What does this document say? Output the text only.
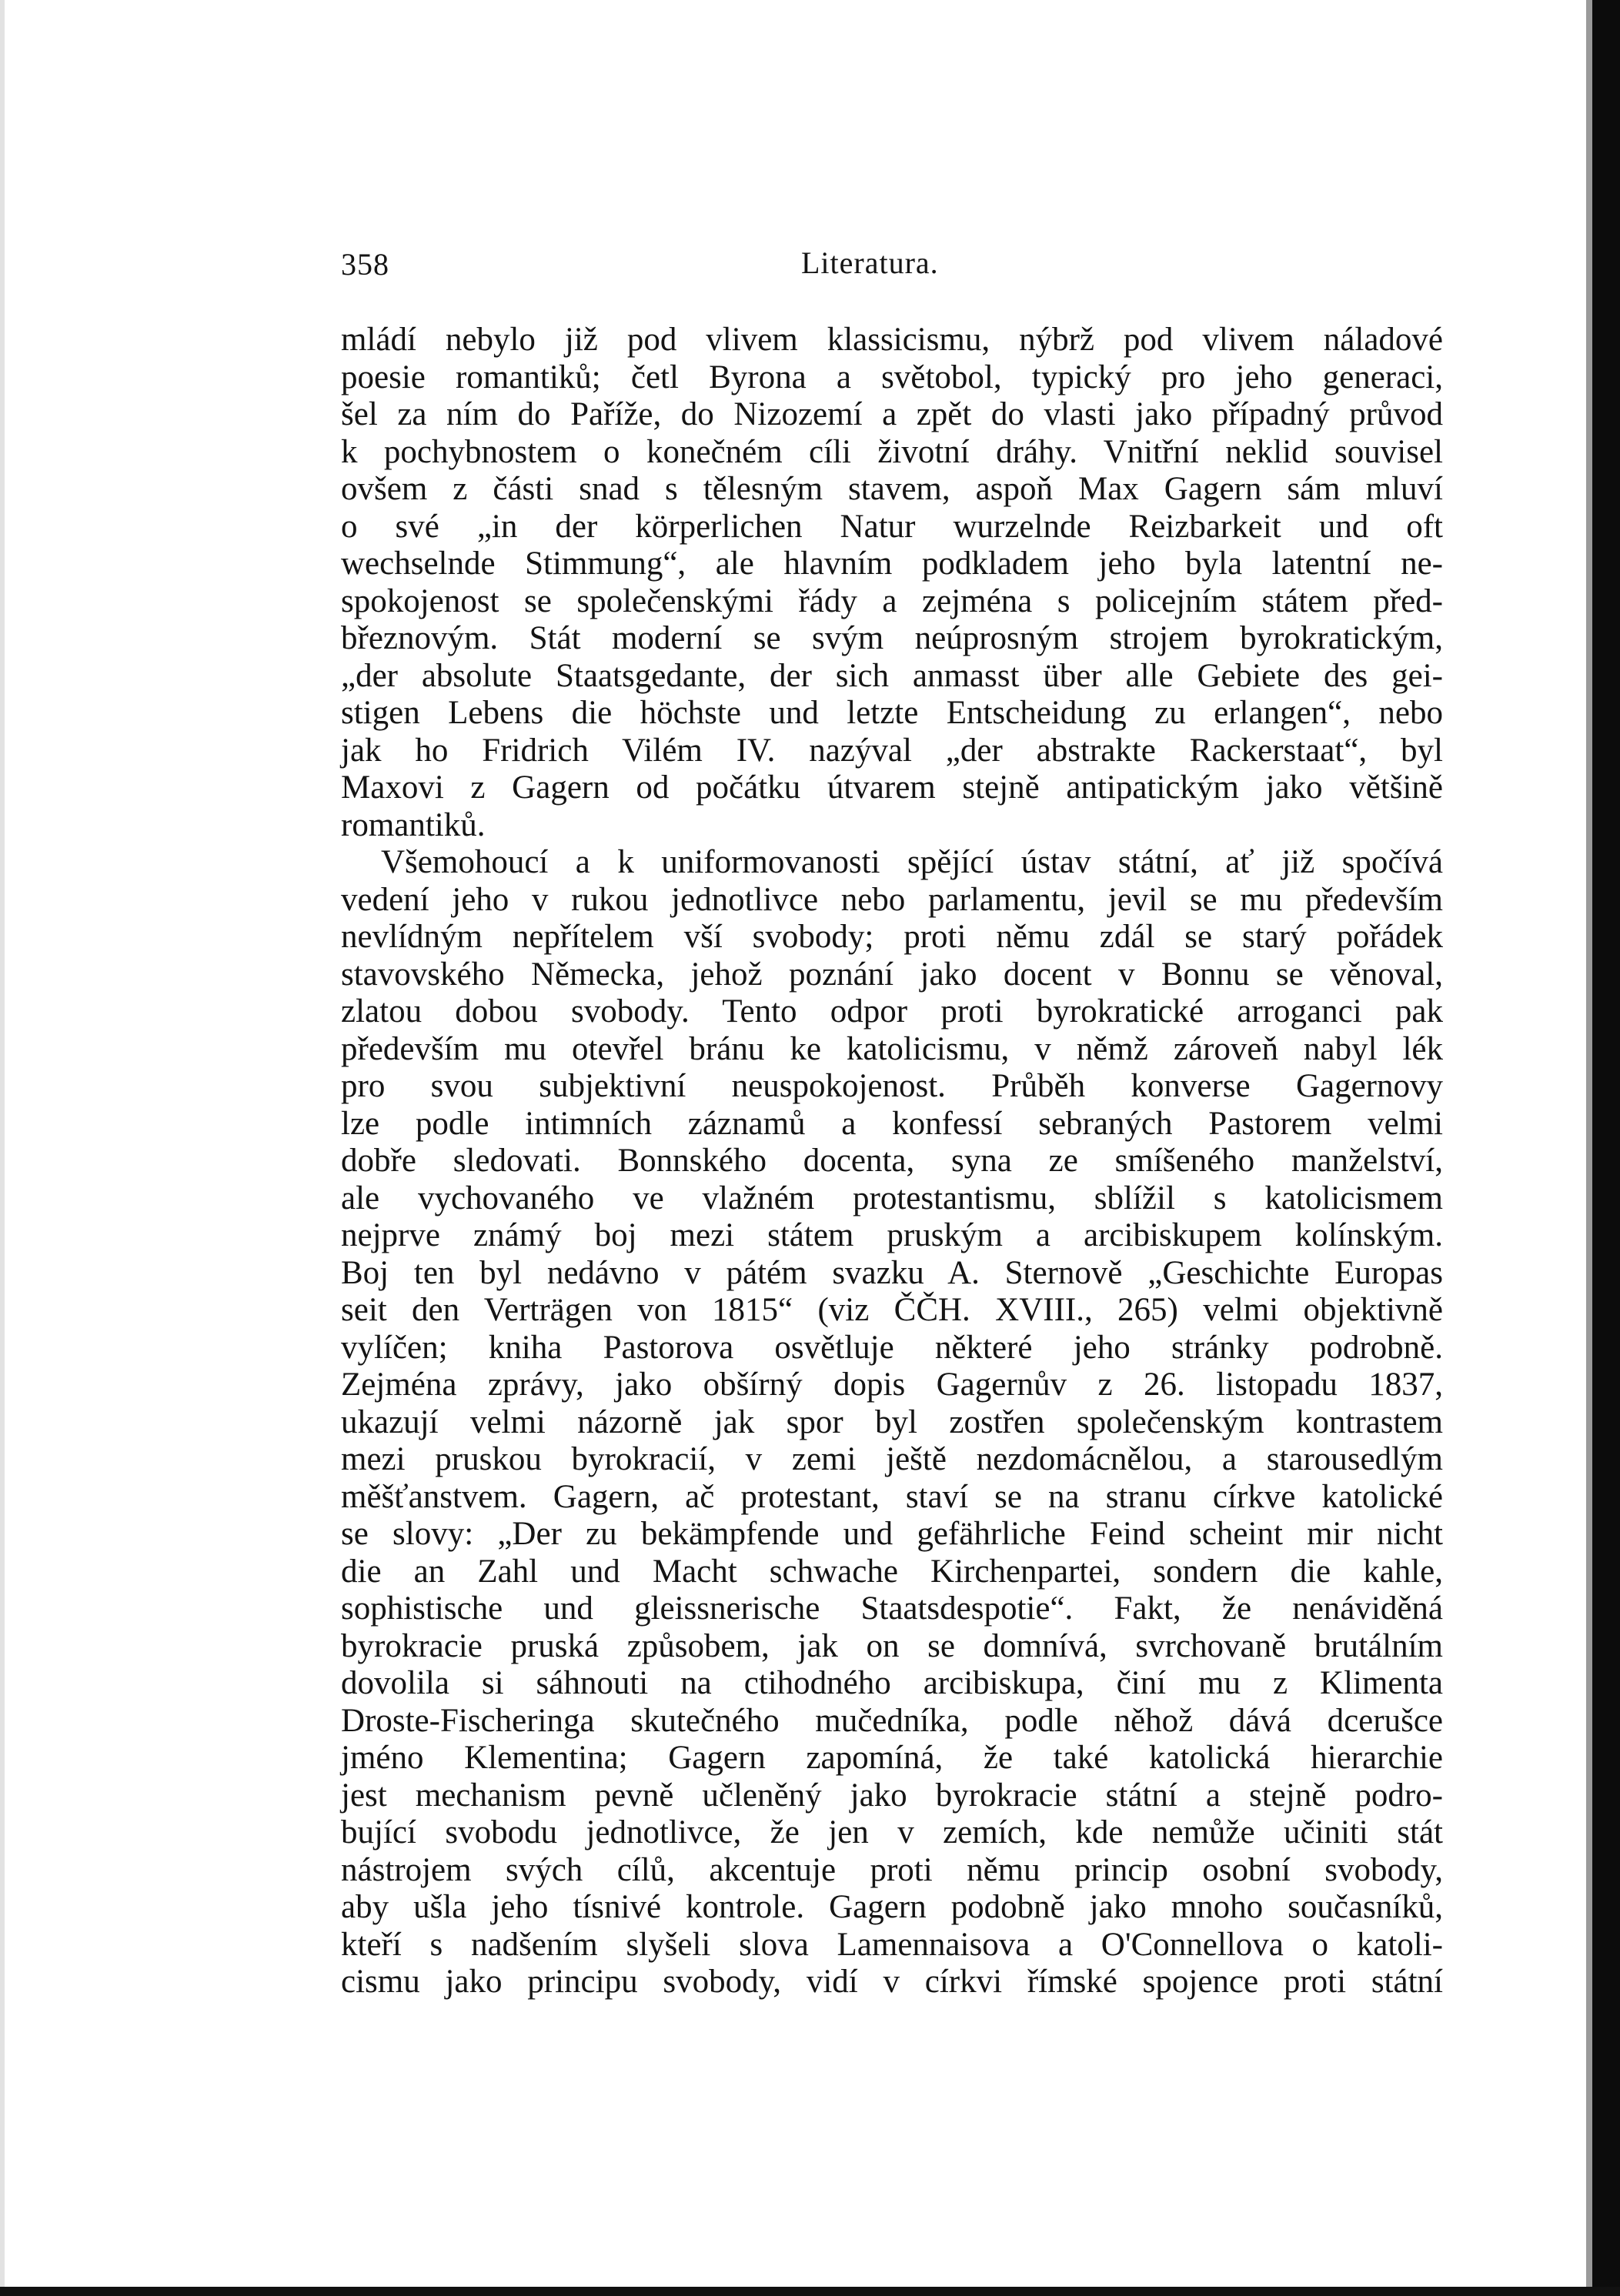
358	Literatura.
mládí nebylo již pod vlivem klassicismu, nýbrž pod vlivem náladové
poesie romantiků; četl Byrona a světobol, typický pro jeho generaci,
šel za ním do Paříže, do Nizozemí a zpět do vlasti jako případný průvod
k pochybnostem o konečném cíli životní dráhy. Vnitřní neklid souvisel
ovšem z části snad s tělesným stavem, aspoň Max Gagern sám mluví
o své „in der körperlichen Natur wurzelnde Reizbarkeit und oft
wechselnde Stimmung“, ale hlavním podkladem jeho byla latentní ne-
spokojenost se společenskými řády a zejména s policejním státem před-
březnovým. Stát moderní se svým neúprosným strojem byrokratickým,
„der absolute Staatsgedante, der sich anmasst über alle Gebiete des gei-
stigen Lebens die höchste und letzte Entscheidung zu erlangen“, nebo
jak ho Fridrich Vilém IV. nazýval „der abstrakte Rackerstaat“, byl
Maxovi z Gagern od počátku útvarem stejně antipatickým jako většině
romantiků.
Všemohoucí a k uniformovanosti spějící ústav státní, ať již spočívá
vedení jeho v rukou jednotlivce nebo parlamentu, jevil se mu především
nevlídným nepřítelem vší svobody; proti němu zdál se starý pořádek
stavovského Německa, jehož poznání jako docent v Bonnu se věnoval,
zlatou dobou svobody. Tento odpor proti byrokratické arroganci pak
především mu otevřel bránu ke katolicismu, v němž zároveň nabyl lék
pro svou subjektivní neuspokojenost. Průběh konverse Gagernovy
lze podle intimních záznamů a konfessí sebraných Pastorem velmi
dobře sledovati. Bonnského docenta, syna ze smíšeného manželství,
ale vychovaného ve vlažném protestantismu, sblížil s katolicismem
nejprve známý boj mezi státem pruským a arcibiskupem kolínským.
Boj ten byl nedávno v pátém svazku A. Sternově „Geschichte Europas
seit den Verträgen von 1815“ (viz ČČH. XVIII., 265) velmi objektivně
vylíčen; kniha Pastorova osvětluje některé jeho stránky podrobně.
Zejména zprávy, jako obšírný dopis Gagernův z 26. listopadu 1837,
ukazují velmi názorně jak spor byl zostřen společenským kontrastem
mezi pruskou byrokracií, v zemi ještě nezdomácnělou, a starousedlým
měšťanstvem. Gagern, ač protestant, staví se na stranu církve katolické
se slovy: „Der zu bekämpfende und gefährliche Feind scheint mir nicht
die an Zahl und Macht schwache Kirchenpartei, sondern die kahle,
sophistische und gleissnerische Staatsdespotie“. Fakt, že nenáviděná
byrokracie pruská způsobem, jak on se domnívá, svrchovaně brutálním
dovolila si sáhnouti na ctihodného arcibiskupa, činí mu z Klimenta
Droste-Fischeringa skutečného mučedníka, podle něhož dává dcerušce
jméno Klementina; Gagern zapomíná, že také katolická hierarchie
jest mechanism pevně učleněný jako byrokracie státní a stejně podro-
bující svobodu jednotlivce, že jen v zemích, kde nemůže učiniti stát
nástrojem svých cílů, akcentuje proti němu princip osobní svobody,
aby ušla jeho tísnivé kontrole. Gagern podobně jako mnoho současníků,
kteří s nadšením slyšeli slova Lamennaisova a O'Connellova o katoli-
cismu jako principu svobody, vidí v církvi římské spojence proti státní
